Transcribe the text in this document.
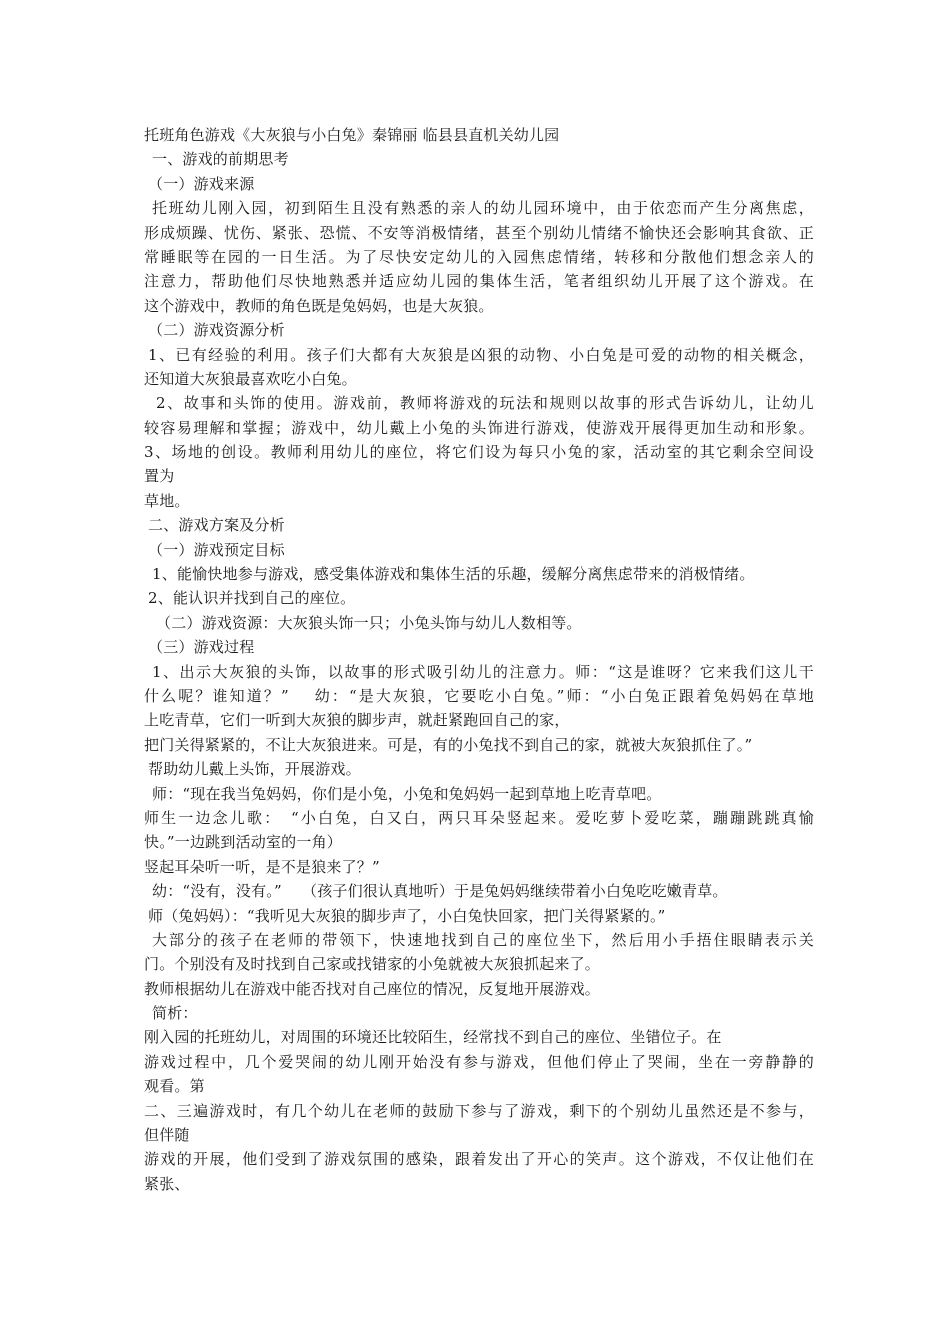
托班角色游戏《大灰狼与小白兔》秦锦丽 临县县直机关幼儿园
一、游戏的前期思考
（一）游戏来源
托班幼儿刚入园，初到陌生且没有熟悉的亲人的幼儿园环境中，由于依恋而产生分离焦虑，
形成烦躁、忧伤、紧张、恐慌、不安等消极情绪，甚至个别幼儿情绪不愉快还会影响其食欲、正
常睡眠等在园的一日生活。为了尽快安定幼儿的入园焦虑情绪，转移和分散他们想念亲人的
注意力，帮助他们尽快地熟悉并适应幼儿园的集体生活，笔者组织幼儿开展了这个游戏。在
这个游戏中，教师的角色既是兔妈妈，也是大灰狼。
（二）游戏资源分析
1、已有经验的利用。孩子们大都有大灰狼是凶狠的动物、小白兔是可爱的动物的相关概念，
还知道大灰狼最喜欢吃小白兔。
2、故事和头饰的使用。游戏前，教师将游戏的玩法和规则以故事的形式告诉幼儿，让幼儿
较容易理解和掌握；游戏中，幼儿戴上小兔的头饰进行游戏，使游戏开展得更加生动和形象。
3、场地的创设。教师利用幼儿的座位，将它们设为每只小兔的家，活动室的其它剩余空间设
置为
草地。
二、游戏方案及分析
（一）游戏预定目标
1、能愉快地参与游戏，感受集体游戏和集体生活的乐趣，缓解分离焦虑带来的消极情绪。
2、能认识并找到自己的座位。
（二）游戏资源：大灰狼头饰一只；小兔头饰与幼儿人数相等。
（三）游戏过程
1、出示大灰狼的头饰，以故事的形式吸引幼儿的注意力。师：“这是谁呀？它来我们这儿干
什么呢？谁知道？”　 幼：“是大灰狼，它要吃小白兔。”师：“小白兔正跟着兔妈妈在草地
上吃青草，它们一听到大灰狼的脚步声，就赶紧跑回自己的家，
把门关得紧紧的，不让大灰狼进来。可是，有的小兔找不到自己的家，就被大灰狼抓住了。”
帮助幼儿戴上头饰，开展游戏。
师：“现在我当兔妈妈，你们是小兔，小兔和兔妈妈一起到草地上吃青草吧。
师生一边念儿歌：　“小白兔，白又白，两只耳朵竖起来。爱吃萝卜爱吃菜，蹦蹦跳跳真愉
快。”一边跳到活动室的一角）
竖起耳朵听一听，是不是狼来了？”
幼：“没有，没有。”　 （孩子们很认真地听）于是兔妈妈继续带着小白兔吃吃嫩青草。
师（兔妈妈）：“我听见大灰狼的脚步声了，小白兔快回家，把门关得紧紧的。”
大部分的孩子在老师的带领下，快速地找到自己的座位坐下，然后用小手捂住眼睛表示关
门。个别没有及时找到自己家或找错家的小兔就被大灰狼抓起来了。
教师根据幼儿在游戏中能否找对自己座位的情况，反复地开展游戏。
简析：
刚入园的托班幼儿，对周围的环境还比较陌生，经常找不到自己的座位、坐错位子。在
游戏过程中，几个爱哭闹的幼儿刚开始没有参与游戏，但他们停止了哭闹，坐在一旁静静的
观看。第
二、三遍游戏时，有几个幼儿在老师的鼓励下参与了游戏，剩下的个别幼儿虽然还是不参与，
但伴随
游戏的开展，他们受到了游戏氛围的感染，跟着发出了开心的笑声。这个游戏，不仅让他们在
紧张、
